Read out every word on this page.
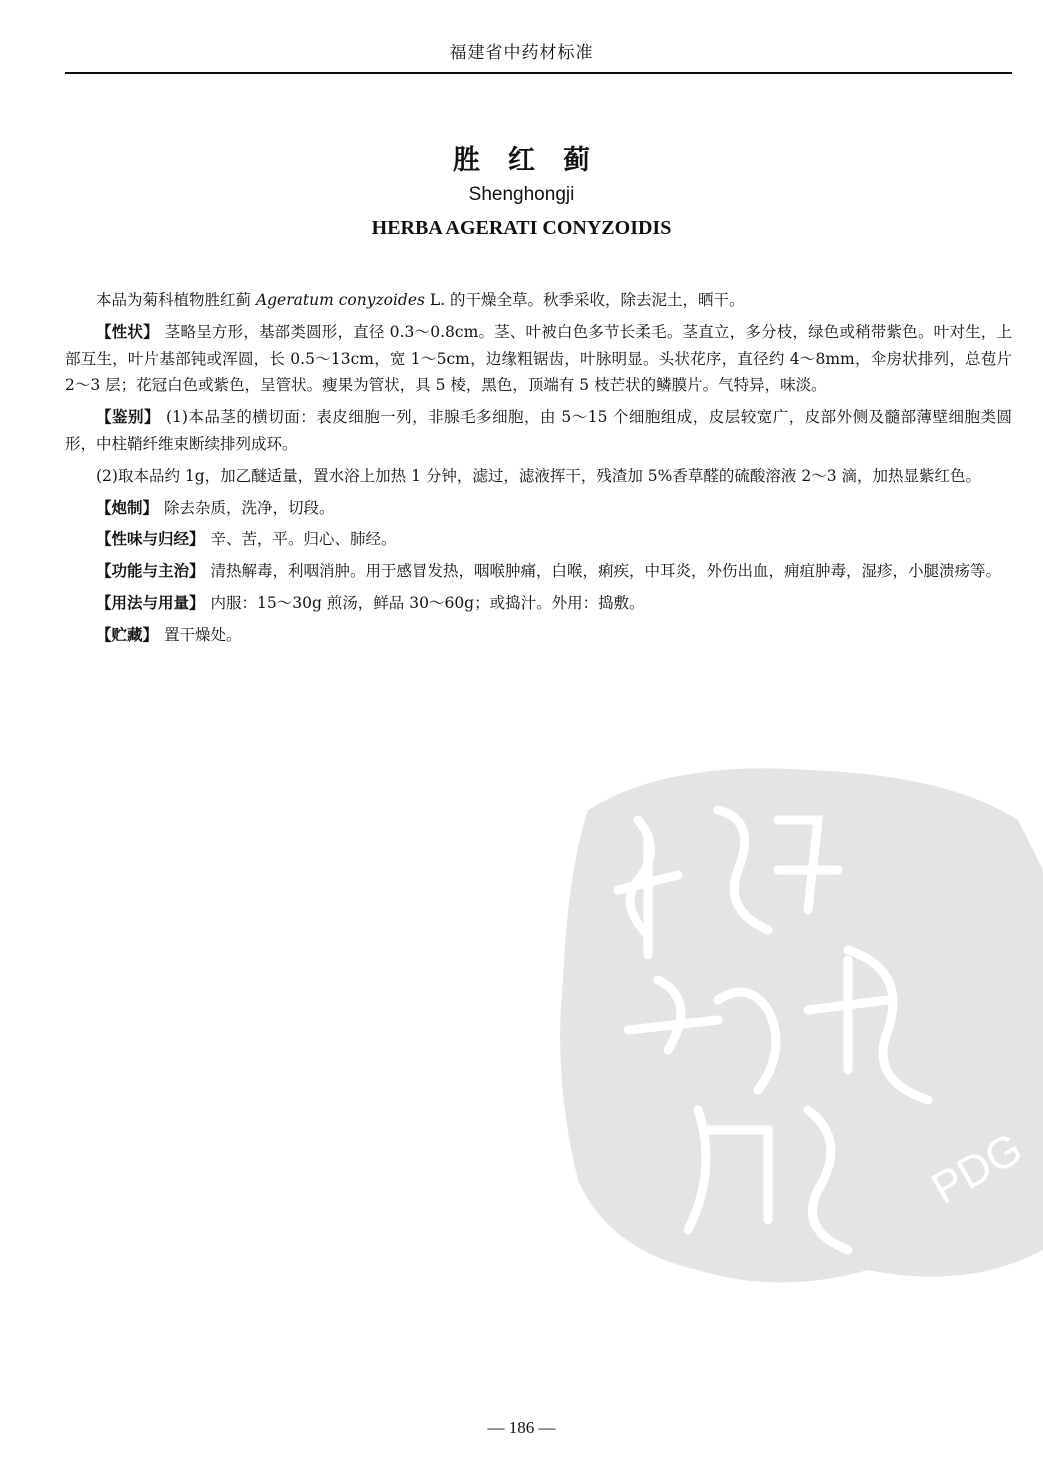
福建省中药材标准
胜红蓟
Shenghongji
HERBA AGERATI CONYZOIDIS

本品为菊科植物胜红蓟 Ageratum conyzoides L. 的干燥全草。秋季采收，除去泥土，晒干。

【性状】 茎略呈方形，基部类圆形，直径 0.3～0.8cm。茎、叶被白色多节长柔毛。茎直立，多分枝，绿色或稍带紫色。叶对生，上部互生，叶片基部钝或浑圆，长 0.5～13cm，宽 1～5cm，边缘粗锯齿，叶脉明显。头状花序，直径约 4～8mm，伞房状排列，总苞片 2～3 层；花冠白色或紫色，呈管状。瘦果为管状，具 5 棱，黑色，顶端有 5 枝芒状的鳞膜片。气特异，味淡。

【鉴别】 (1)本品茎的横切面：表皮细胞一列，非腺毛多细胞，由 5～15 个细胞组成，皮层较宽广，皮部外侧及髓部薄壁细胞类圆形，中柱鞘纤维束断续排列成环。

(2)取本品约 1g，加乙醚适量，置水浴上加热 1 分钟，滤过，滤液挥干，残渣加 5%香草醛的硫酸溶液 2～3 滴，加热显紫红色。

【炮制】 除去杂质，洗净，切段。

【性味与归经】 辛、苦，平。归心、肺经。

【功能与主治】 清热解毒，利咽消肿。用于感冒发热，咽喉肿痛，白喉，痢疾，中耳炎，外伤出血，痈疽肿毒，湿疹，小腿溃疡等。

【用法与用量】 内服：15～30g 煎汤，鲜品 30～60g；或捣汁。外用：捣敷。

【贮藏】 置干燥处。

PDG
— 186 —
